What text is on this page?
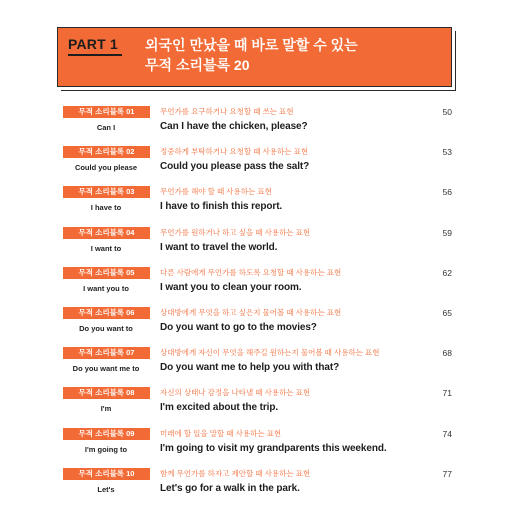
PART 1 외국인 만났을 때 바로 말할 수 있는
무적 소리블록 20
무적 소리블록 01
Can I
무언가를 요구하거나 요청할 때 쓰는 표현
Can I have the chicken, please?
50
무적 소리블록 02
Could you please
정중하게 부탁하거나 요청할 때 사용하는 표현
Could you please pass the salt?
53
무적 소리블록 03
I have to
무언가를 해야 할 때 사용하는 표현
I have to finish this report.
56
무적 소리블록 04
I want to
무언가를 원하거나 하고 싶을 때 사용하는 표현
I want to travel the world.
59
무적 소리블록 05
I want you to
다른 사람에게 무언가를 하도록 요청할 때 사용하는 표현
I want you to clean your room.
62
무적 소리블록 06
Do you want to
상대방에게 무엇을 하고 싶은지 물어볼 때 사용하는 표현
Do you want to go to the movies?
65
무적 소리블록 07
Do you want me to
상대방에게 자신이 무엇을 해주길 원하는지 물어볼 때 사용하는 표현
Do you want me to help you with that?
68
무적 소리블록 08
I'm
자신의 상태나 감정을 나타낼 때 사용하는 표현
I'm excited about the trip.
71
무적 소리블록 09
I'm going to
미래에 할 일을 말할 때 사용하는 표현
I'm going to visit my grandparents this weekend.
74
무적 소리블록 10
Let's
함께 무언가를 하자고 제안할 때 사용하는 표현
Let's go for a walk in the park.
77
